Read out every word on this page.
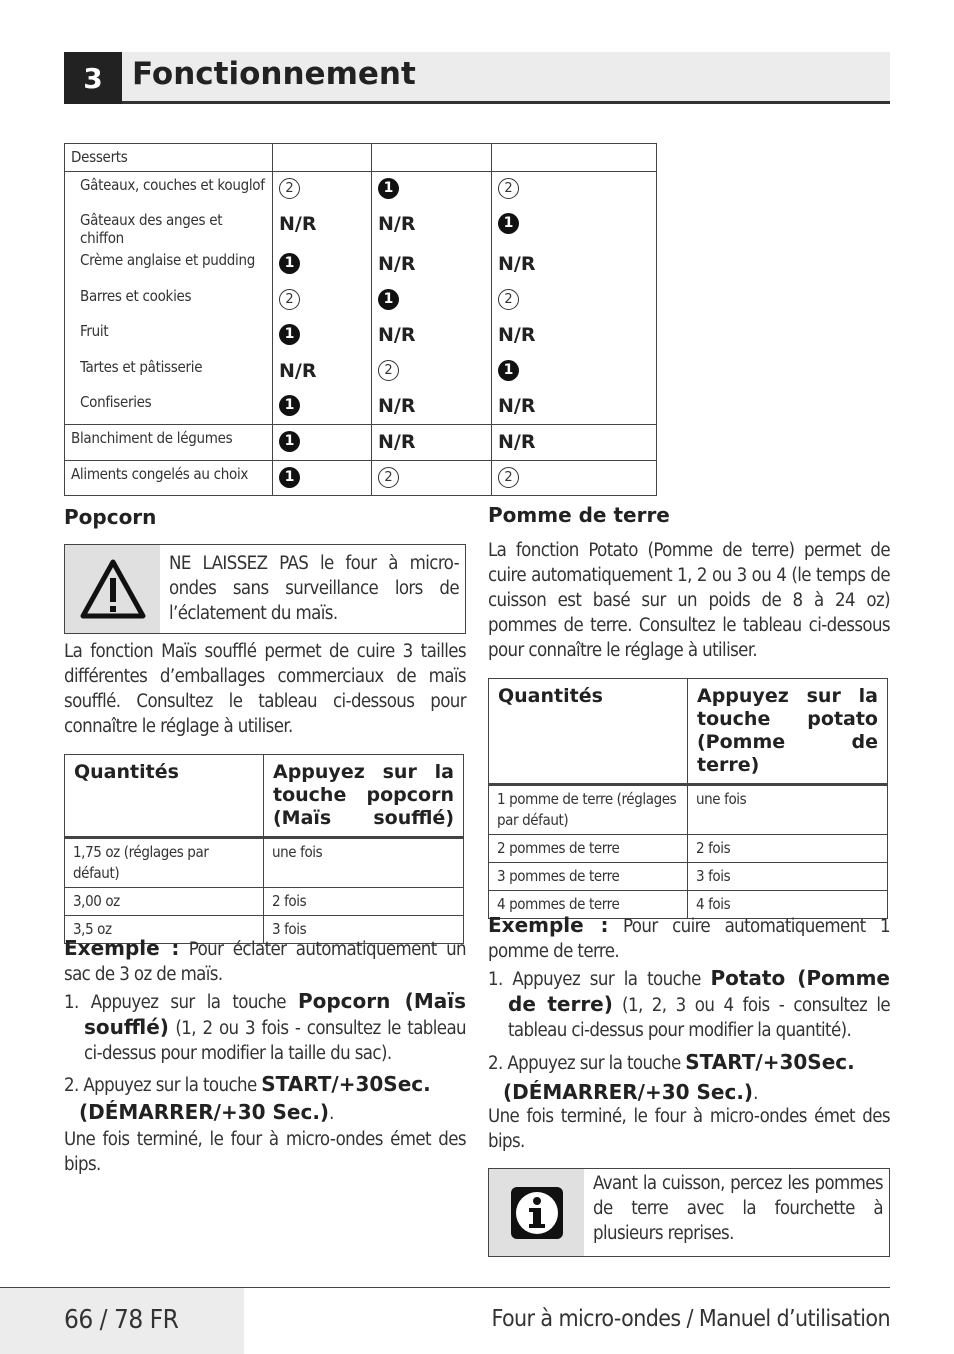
3 Fonctionnement
Desserts			
Gâteaux, couches et kouglof	2	1	2
Gâteaux des anges et chiffon	N/R	N/R	1
Crème anglaise et pudding	1	N/R	N/R
Barres et cookies	2	1	2
Fruit	1	N/R	N/R
Tartes et pâtisserie	N/R	2	1
Confiseries	1	N/R	N/R
Blanchiment de légumes	1	N/R	N/R
Aliments congelés au choix	1	2	2
Popcorn
NE LAISSEZ PAS le four à micro-ondes sans surveillance lors de l’éclatement du maïs.
La fonction Maïs soufflé permet de cuire 3 tailles différentes d’emballages commerciaux de maïs soufflé. Consultez le tableau ci-dessous pour connaître le réglage à utiliser.
Quantités	Appuyez sur la touche popcorn (Maïs soufflé)
1,75 oz (réglages par défaut)	une fois
3,00 oz	2 fois
3,5 oz	3 fois
Exemple : Pour éclater automatiquement un sac de 3 oz de maïs.
1. Appuyez sur la touche Popcorn (Maïs soufflé) (1, 2 ou 3 fois - consultez le tableau ci-dessus pour modifier la taille du sac).
2. Appuyez sur la touche START/+30Sec. (DÉMARRER/+30 Sec.).
Une fois terminé, le four à micro-ondes émet des bips.
Pomme de terre
La fonction Potato (Pomme de terre) permet de cuire automatiquement 1, 2 ou 3 ou 4 (le temps de cuisson est basé sur un poids de 8 à 24 oz) pommes de terre. Consultez le tableau ci-dessous pour connaître le réglage à utiliser.
Quantités	Appuyez sur la touche potato (Pomme de terre)
1 pomme de terre (réglages par défaut)	une fois
2 pommes de terre	2 fois
3 pommes de terre	3 fois
4 pommes de terre	4 fois
Exemple : Pour cuire automatiquement 1 pomme de terre.
1. Appuyez sur la touche Potato (Pomme de terre) (1, 2, 3 ou 4 fois - consultez le tableau ci-dessus pour modifier la quantité).
2. Appuyez sur la touche START/+30Sec. (DÉMARRER/+30 Sec.).
Une fois terminé, le four à micro-ondes émet des bips.
Avant la cuisson, percez les pommes de terre avec la fourchette à plusieurs reprises.
66 / 78 FR	Four à micro-ondes / Manuel d’utilisation
